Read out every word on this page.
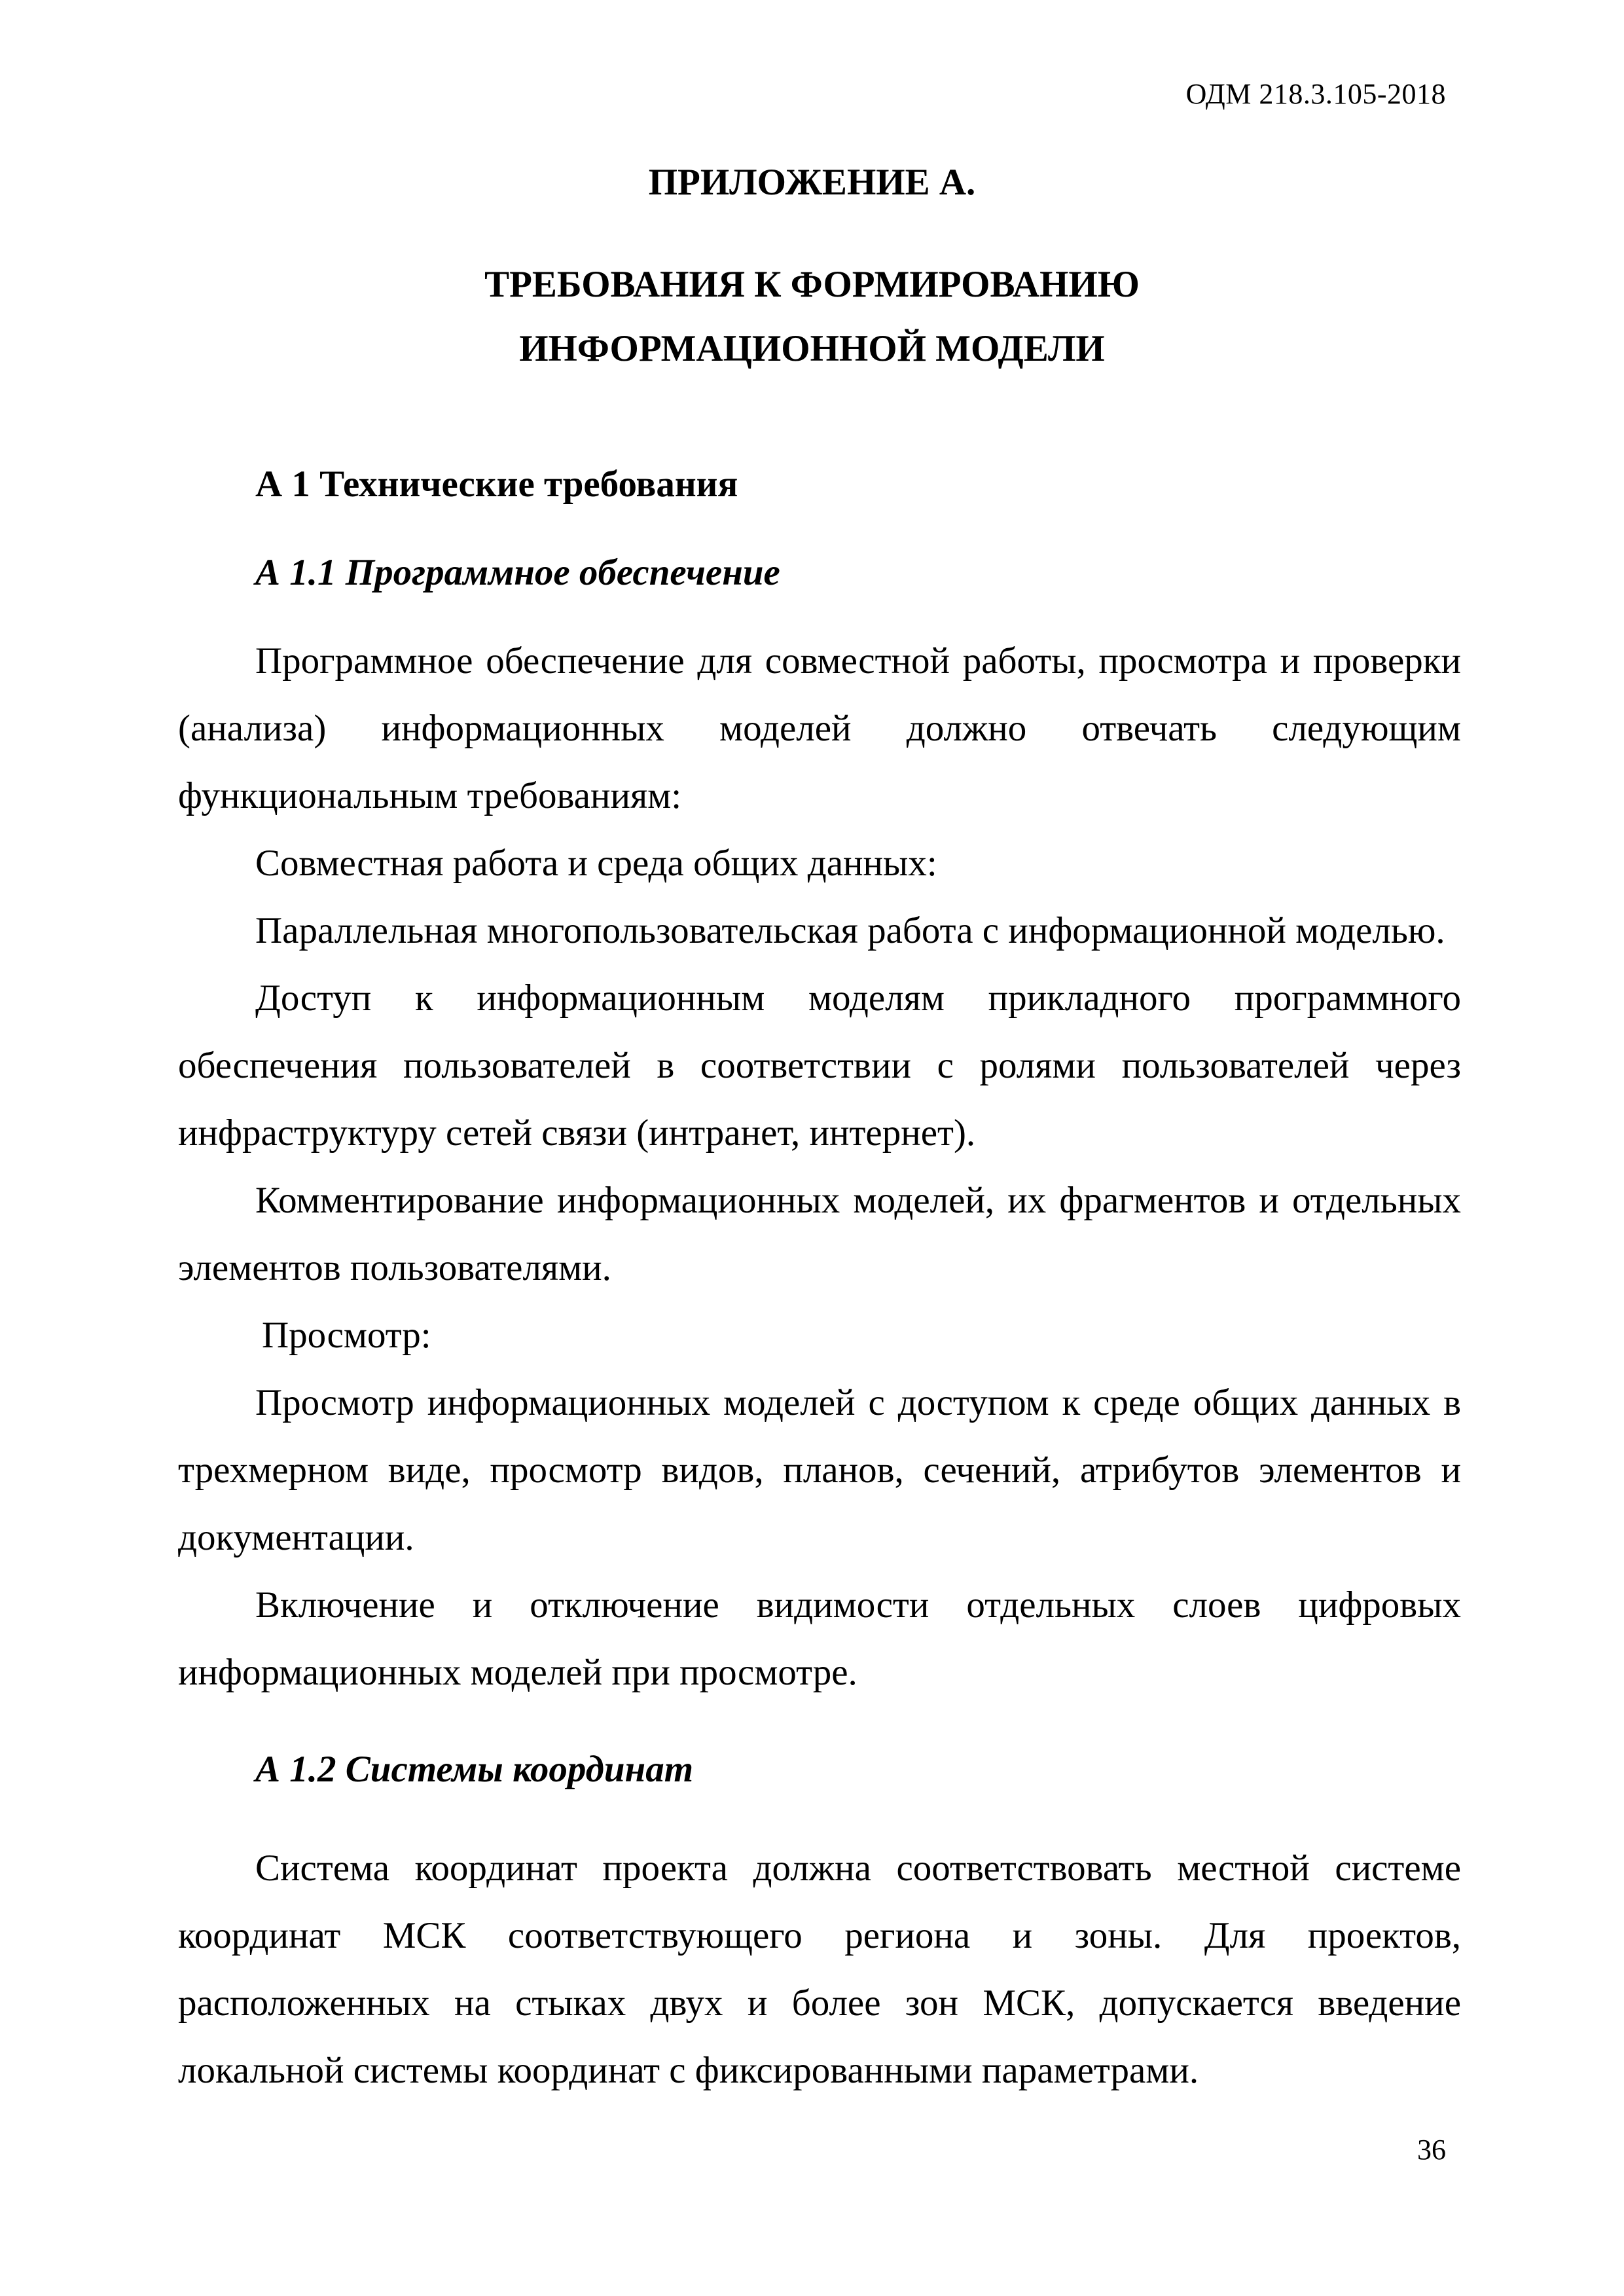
ОДМ 218.3.105-2018
ПРИЛОЖЕНИЕ А.
ТРЕБОВАНИЯ К ФОРМИРОВАНИЮ
ИНФОРМАЦИОННОЙ МОДЕЛИ
А 1 Технические требования
А 1.1 Программное обеспечение

Программное обеспечение для совместной работы, просмотра и проверки (анализа) информационных моделей должно отвечать следующим функциональным требованиям:

Совместная работа и среда общих данных:

Параллельная многопользовательская работа с информационной моделью.

Доступ к информационным моделям прикладного программного обеспечения пользователей в соответствии с ролями пользователей через инфраструктуру сетей связи (интранет, интернет).

Комментирование информационных моделей, их фрагментов и отдельных элементов пользователями.

Просмотр:

Просмотр информационных моделей с доступом к среде общих данных в трехмерном виде, просмотр видов, планов, сечений, атрибутов элементов и документации.

Включение и отключение видимости отдельных слоев цифровых информационных моделей при просмотре.

А 1.2 Системы координат

Система координат проекта должна соответствовать местной системе координат МСК соответствующего региона и зоны. Для проектов, расположенных на стыках двух и более зон МСК, допускается введение локальной системы координат с фиксированными параметрами.

36
